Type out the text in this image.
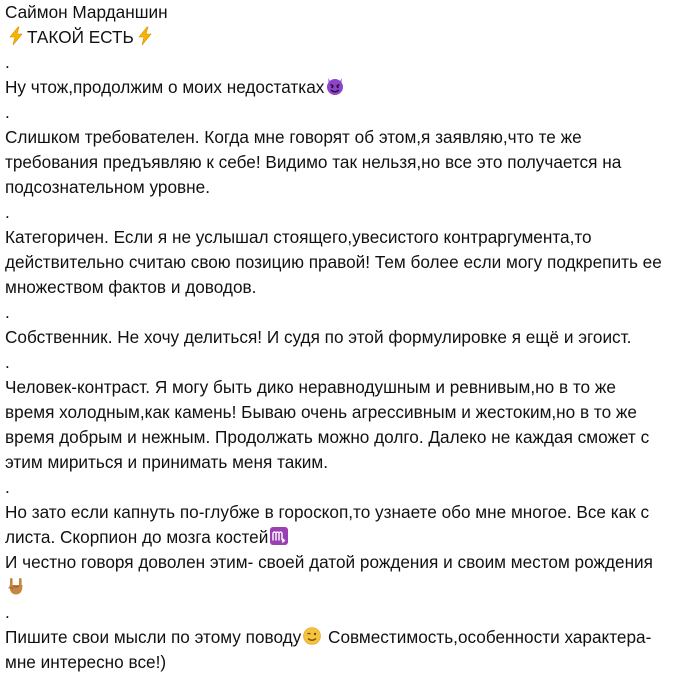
Саймон Марданшин
ТАКОЙ ЕСТЬ
.
Ну чтож,продолжим о моих недостатках
.
Слишком требователен. Когда мне говорят об этом,я заявляю,что те же
требования предъявляю к себе! Видимо так нельзя,но все это получается на
подсознательном уровне.
.
Категоричен. Если я не услышал стоящего,увесистого контраргумента,то
действительно считаю свою позицию правой! Тем более если могу подкрепить ее
множеством фактов и доводов.
.
Собственник. Не хочу делиться! И судя по этой формулировке я ещё и эгоист.
.
Человек-контраст. Я могу быть дико неравнодушным и ревнивым,но в то же
время холодным,как камень! Бываю очень агрессивным и жестоким,но в то же
время добрым и нежным. Продолжать можно долго. Далеко не каждая сможет с
этим мириться и принимать меня таким.
.
Но зато если капнуть по-глубже в гороскоп,то узнаете обо мне многое. Все как с
листа. Скорпион до мозга костей
И честно говоря доволен этим- своей датой рождения и своим местом рождения
.
Пишите свои мысли по этому поводу
Совместимость,особенности характера-
мне интересно все!)
